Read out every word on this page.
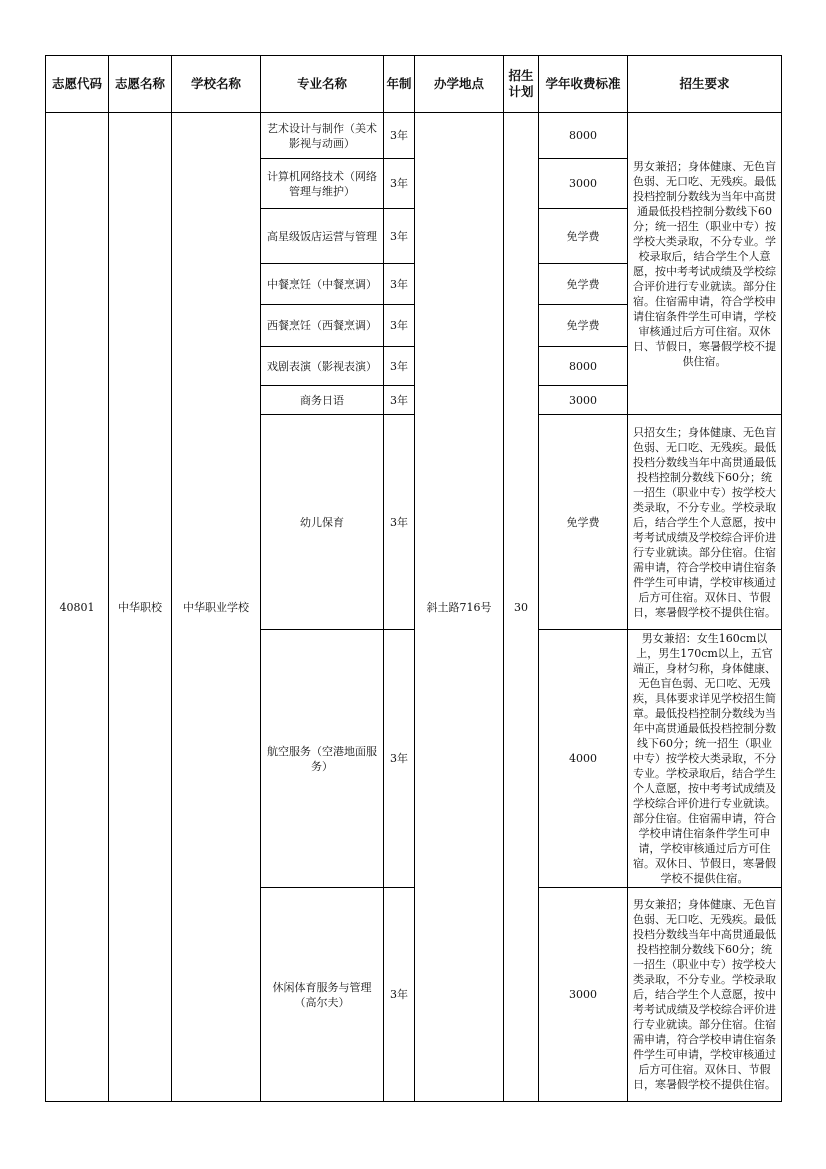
志愿代码	志愿名称	学校名称	专业名称	年制	办学地点	招生计划	学年收费标准	招生要求
40801	中华职校	中华职业学校	艺术设计与制作（美术影视与动画）	3年	斜土路716号	30	8000	男女兼招；身体健康、无色盲色弱、无口吃、无残疾。最低投档控制分数线为当年中高贯通最低投档控制分数线下60分；统一招生（职业中专）按学校大类录取，不分专业。学校录取后，结合学生个人意愿，按中考考试成绩及学校综合评价进行专业就读。部分住宿。住宿需申请，符合学校申请住宿条件学生可申请，学校审核通过后方可住宿。双休日、节假日，寒暑假学校不提供住宿。
			计算机网络技术（网络管理与维护）	3年			3000	
			高星级饭店运营与管理	3年			免学费	
			中餐烹饪（中餐烹调）	3年			免学费	
			西餐烹饪（西餐烹调）	3年			免学费	
			戏剧表演（影视表演）	3年			8000	
			商务日语	3年			3000	
			幼儿保育	3年			免学费	只招女生；身体健康、无色盲色弱、无口吃、无残疾。最低投档分数线当年中高贯通最低投档控制分数线下60分；统一招生（职业中专）按学校大类录取，不分专业。学校录取后，结合学生个人意愿，按中考考试成绩及学校综合评价进行专业就读。部分住宿。住宿需申请，符合学校申请住宿条件学生可申请，学校审核通过后方可住宿。双休日、节假日，寒暑假学校不提供住宿。
			航空服务（空港地面服务）	3年			4000	男女兼招：女生160cm以上，男生170cm以上，五官端正，身材匀称，身体健康、无色盲色弱、无口吃、无残疾，具体要求详见学校招生简章。最低投档控制分数线为当年中高贯通最低投档控制分数线下60分；统一招生（职业中专）按学校大类录取，不分专业。学校录取后，结合学生个人意愿，按中考考试成绩及学校综合评价进行专业就读。部分住宿。住宿需申请，符合学校申请住宿条件学生可申请，学校审核通过后方可住宿。双休日、节假日，寒暑假学校不提供住宿。
			休闲体育服务与管理（高尔夫）	3年			3000	男女兼招；身体健康、无色盲色弱、无口吃、无残疾。最低投档分数线当年中高贯通最低投档控制分数线下60分；统一招生（职业中专）按学校大类录取，不分专业。学校录取后，结合学生个人意愿，按中考考试成绩及学校综合评价进行专业就读。部分住宿。住宿需申请，符合学校申请住宿条件学生可申请，学校审核通过后方可住宿。双休日、节假日，寒暑假学校不提供住宿。
